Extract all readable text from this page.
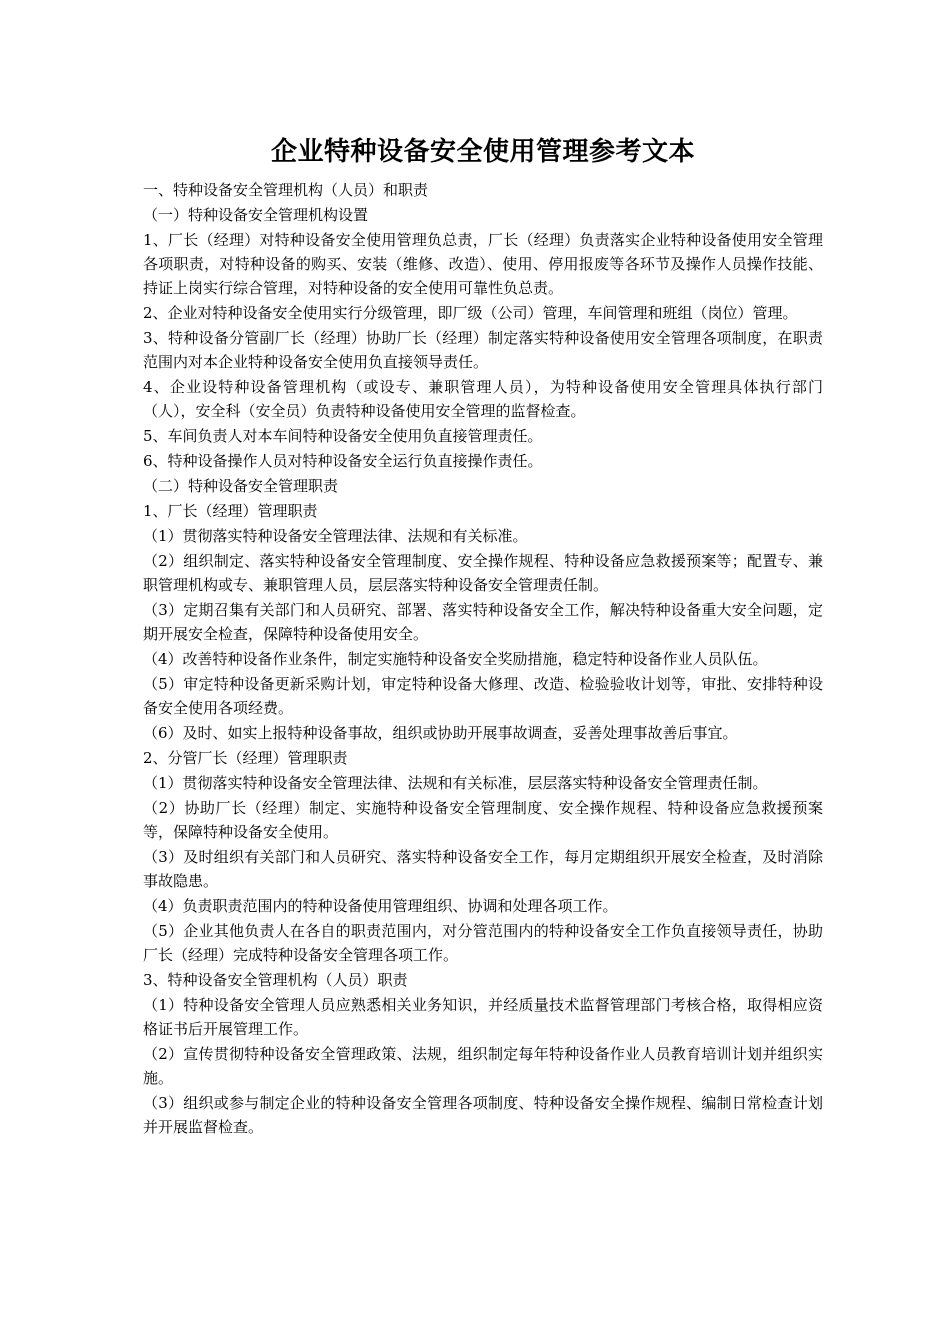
企业特种设备安全使用管理参考文本

一、特种设备安全管理机构（人员）和职责

（一）特种设备安全管理机构设置

1、厂长（经理）对特种设备安全使用管理负总责，厂长（经理）负责落实企业特种设备使用安全管理各项职责，对特种设备的购买、安装（维修、改造）、使用、停用报废等各环节及操作人员操作技能、持证上岗实行综合管理，对特种设备的安全使用可靠性负总责。

2、企业对特种设备安全使用实行分级管理，即厂级（公司）管理，车间管理和班组（岗位）管理。

3、特种设备分管副厂长（经理）协助厂长（经理）制定落实特种设备使用安全管理各项制度，在职责范围内对本企业特种设备安全使用负直接领导责任。

4、企业设特种设备管理机构（或设专、兼职管理人员），为特种设备使用安全管理具体执行部门（人），安全科（安全员）负责特种设备使用安全管理的监督检查。

5、车间负责人对本车间特种设备安全使用负直接管理责任。

6、特种设备操作人员对特种设备安全运行负直接操作责任。

（二）特种设备安全管理职责

1、厂长（经理）管理职责

（1）贯彻落实特种设备安全管理法律、法规和有关标准。

（2）组织制定、落实特种设备安全管理制度、安全操作规程、特种设备应急救援预案等；配置专、兼职管理机构或专、兼职管理人员，层层落实特种设备安全管理责任制。

（3）定期召集有关部门和人员研究、部署、落实特种设备安全工作，解决特种设备重大安全问题，定期开展安全检查，保障特种设备使用安全。

（4）改善特种设备作业条件，制定实施特种设备安全奖励措施，稳定特种设备作业人员队伍。

（5）审定特种设备更新采购计划，审定特种设备大修理、改造、检验验收计划等，审批、安排特种设备安全使用各项经费。

（6）及时、如实上报特种设备事故，组织或协助开展事故调查，妥善处理事故善后事宜。

2、分管厂长（经理）管理职责

（1）贯彻落实特种设备安全管理法律、法规和有关标准，层层落实特种设备安全管理责任制。

（2）协助厂长（经理）制定、实施特种设备安全管理制度、安全操作规程、特种设备应急救援预案等，保障特种设备安全使用。

（3）及时组织有关部门和人员研究、落实特种设备安全工作，每月定期组织开展安全检查，及时消除事故隐患。

（4）负责职责范围内的特种设备使用管理组织、协调和处理各项工作。

（5）企业其他负责人在各自的职责范围内，对分管范围内的特种设备安全工作负直接领导责任，协助厂长（经理）完成特种设备安全管理各项工作。

3、特种设备安全管理机构（人员）职责

（1）特种设备安全管理人员应熟悉相关业务知识，并经质量技术监督管理部门考核合格，取得相应资格证书后开展管理工作。

（2）宣传贯彻特种设备安全管理政策、法规，组织制定每年特种设备作业人员教育培训计划并组织实施。

（3）组织或参与制定企业的特种设备安全管理各项制度、特种设备安全操作规程、编制日常检查计划并开展监督检查。
